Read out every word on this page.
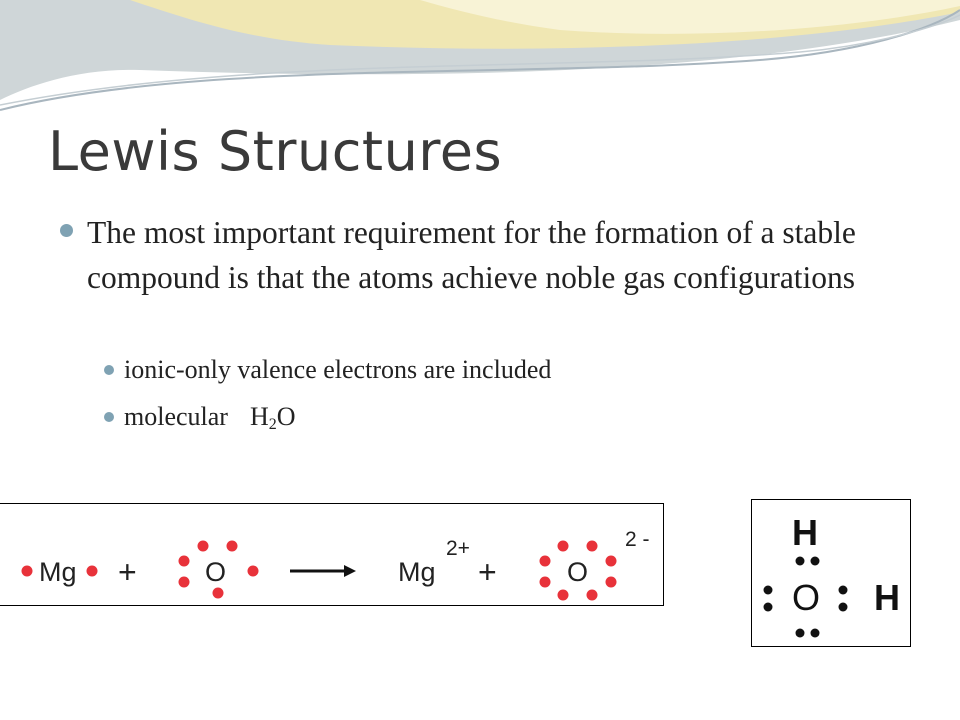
Lewis Structures

The most important requirement for the formation of a stable compound is that the atoms achieve noble gas configurations

ionic-only valence electrons are included

molecular $H_2O$

Mg +	O	Mg
2+
+	O
2 -	H
O H
